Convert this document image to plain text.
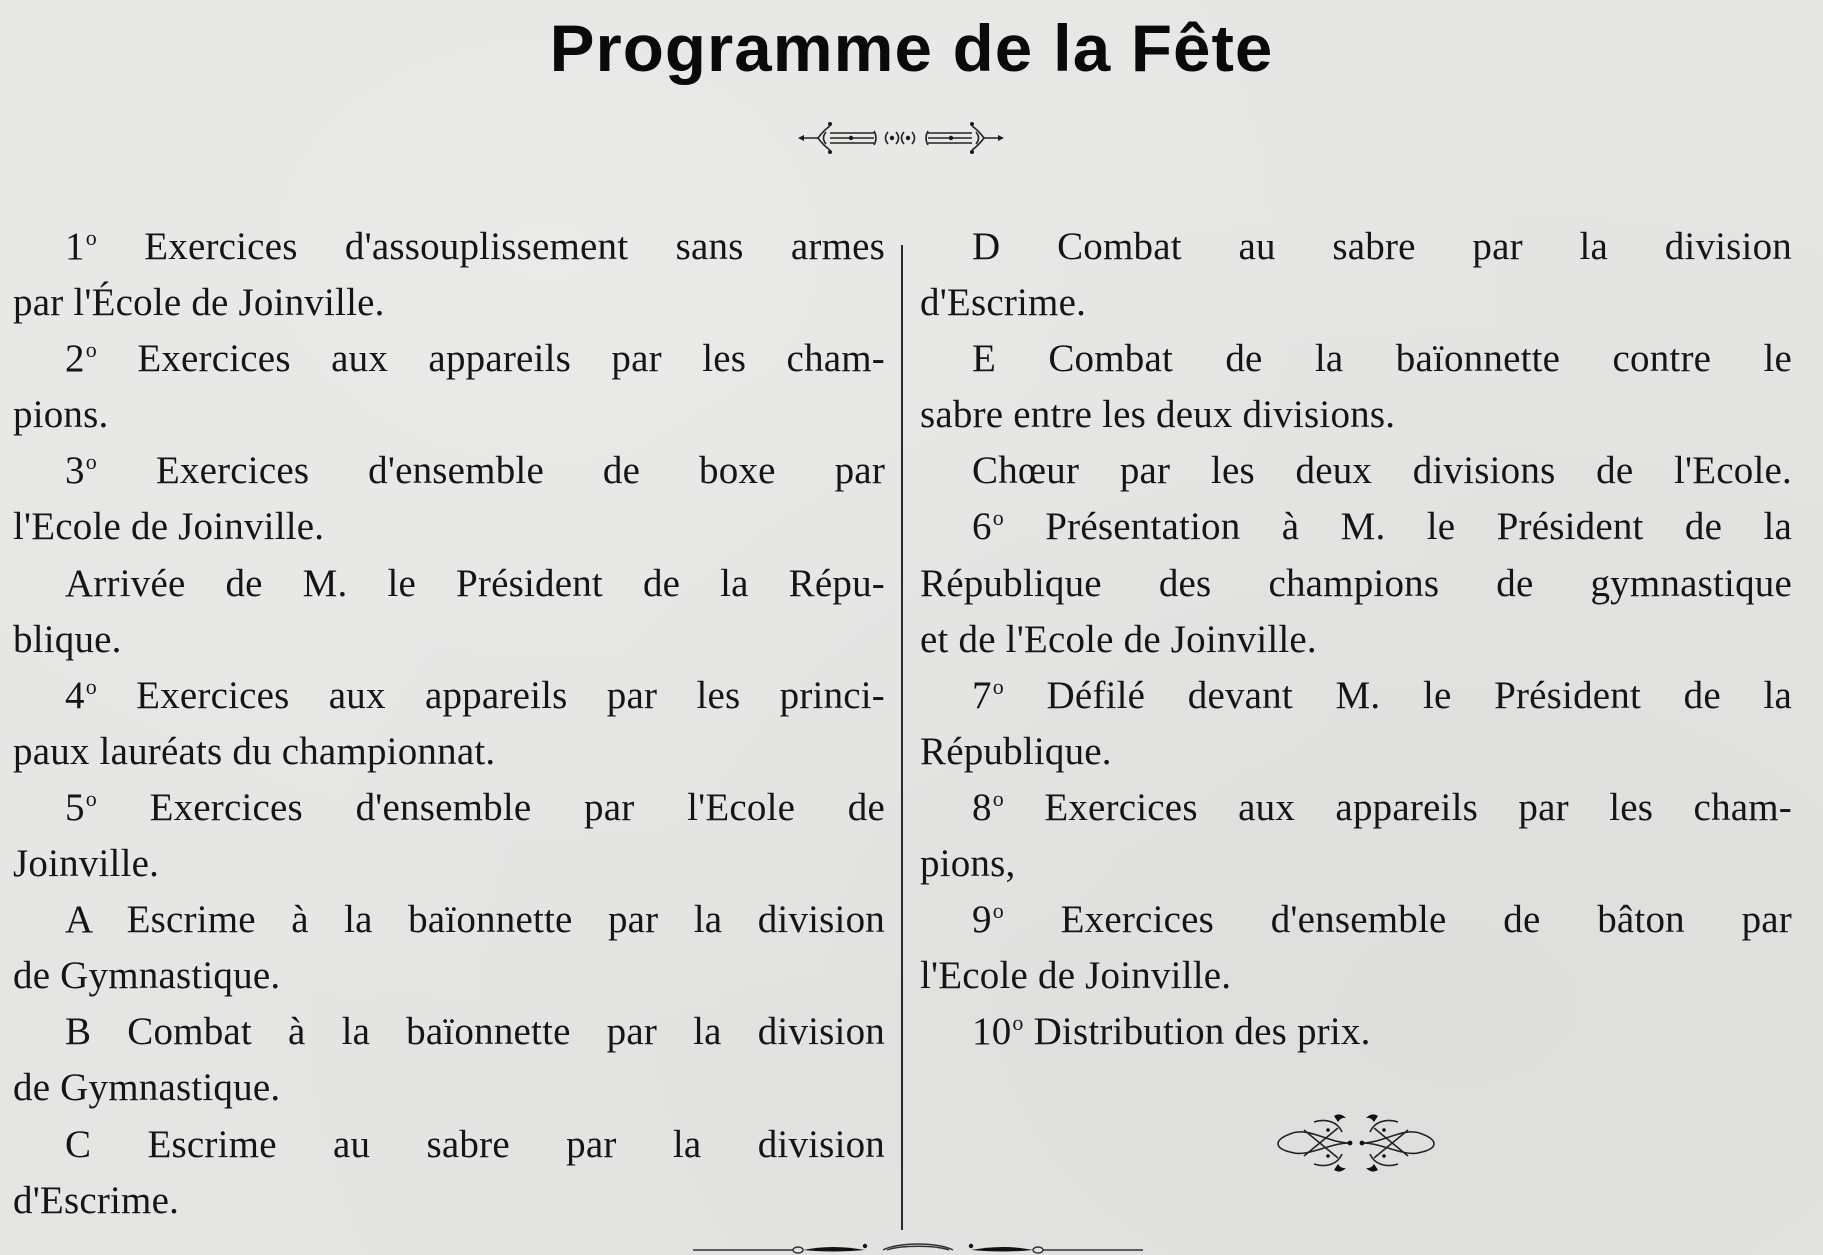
Programme de la Fête

1$^o$ Exercices d'assouplissement sans armes
par l'École de Joinville.

2$^o$ Exercices aux appareils par les cham-
pions.

3$^o$ Exercices d'ensemble de boxe par
l'Ecole de Joinville.

Arrivée de M. le Président de la Répu-
blique.

4$^o$ Exercices aux appareils par les princi-
paux lauréats du championnat.

5$^o$ Exercices d'ensemble par l'Ecole de
Joinville.

A Escrime à la baïonnette par la division
de Gymnastique.

B Combat à la baïonnette par la division
de Gymnastique.

C Escrime au sabre par la division
d'Escrime.

D Combat au sabre par la division
d'Escrime.

E Combat de la baïonnette contre le
sabre entre les deux divisions.

Chœur par les deux divisions de l'Ecole.

6$^o$ Présentation à M. le Président de la
République des champions de gymnastique
et de l'Ecole de Joinville.

7$^o$ Défilé devant M. le Président de la
République.

8$^o$ Exercices aux appareils par les cham-
pions,

9$^o$ Exercices d'ensemble de bâton par
l'Ecole de Joinville.

10$^o$ Distribution des prix.
